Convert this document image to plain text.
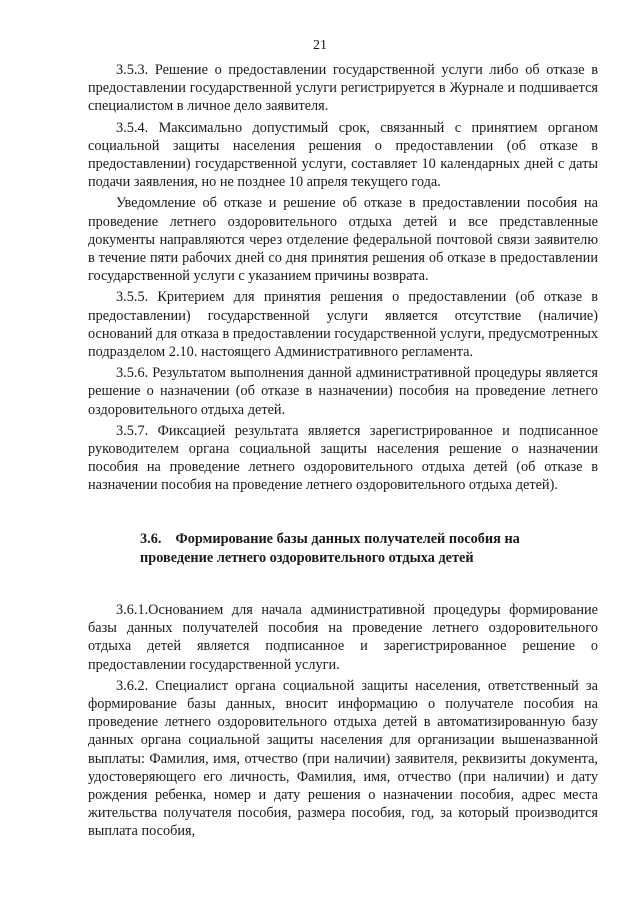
21

3.5.3. Решение о предоставлении государственной услуги либо об отказе в предоставлении государственной услуги регистрируется в Журнале и подшивается специалистом в личное дело заявителя.

3.5.4. Максимально допустимый срок, связанный с принятием органом социальной защиты населения решения о предоставлении (об отказе в предоставлении) государственной услуги, составляет 10 календарных дней с даты подачи заявления, но не позднее 10 апреля текущего года.

Уведомление об отказе и решение об отказе в предоставлении пособия на проведение летнего оздоровительного отдыха детей и все представленные документы направляются через отделение федеральной почтовой связи заявителю в течение пяти рабочих дней со дня принятия решения об отказе в предоставлении государственной услуги с указанием причины возврата.

3.5.5. Критерием для принятия решения о предоставлении (об отказе в предоставлении) государственной услуги является отсутствие (наличие) оснований для отказа в предоставлении государственной услуги, предусмотренных подразделом 2.10. настоящего Административного регламента.

3.5.6. Результатом выполнения данной административной процедуры является решение о назначении (об отказе в назначении) пособия на проведение летнего оздоровительного отдыха детей.

3.5.7. Фиксацией результата является зарегистрированное и подписанное руководителем органа социальной защиты населения решение о назначении пособия на проведение летнего оздоровительного отдыха детей (об отказе в назначении пособия на проведение летнего оздоровительного отдыха детей).

3.6. Формирование базы данных получателей пособия на проведение летнего оздоровительного отдыха детей

3.6.1.Основанием для начала административной процедуры формирование базы данных получателей пособия на проведение летнего оздоровительного отдыха детей является подписанное и зарегистрированное решение о предоставлении государственной услуги.

3.6.2. Специалист органа социальной защиты населения, ответственный за формирование базы данных, вносит информацию о получателе пособия на проведение летнего оздоровительного отдыха детей в автоматизированную базу данных органа социальной защиты населения для организации вышеназванной выплаты: Фамилия, имя, отчество (при наличии) заявителя, реквизиты документа, удостоверяющего его личность, Фамилия, имя, отчество (при наличии) и дату рождения ребенка, номер и дату решения о назначении пособия, адрес места жительства получателя пособия, размера пособия, год, за который производится выплата пособия,
